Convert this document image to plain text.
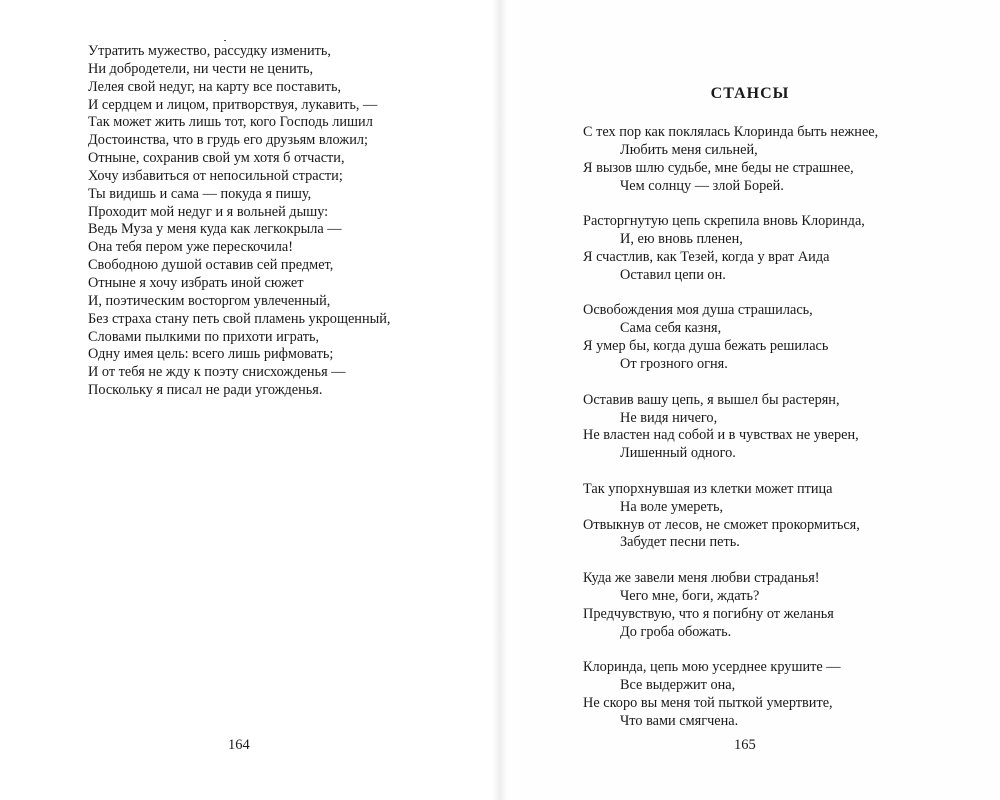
Утратить мужество, рассудку изменить,
Ни добродетели, ни чести не ценить,
Лелея свой недуг, на карту все поставить,
И сердцем и лицом, притворствуя, лукавить, —
Так может жить лишь тот, кого Господь лишил
Достоинства, что в грудь его друзьям вложил;
Отныне, сохранив свой ум хотя б отчасти,
Хочу избавиться от непосильной страсти;
Ты видишь и сама — покуда я пишу,
Проходит мой недуг и я вольней дышу:
Ведь Муза у меня куда как легкокрыла —
Она тебя пером уже перескочила!
Свободною душой оставив сей предмет,
Отныне я хочу избрать иной сюжет
И, поэтическим восторгом увлеченный,
Без страха стану петь свой пламень укрощенный,
Словами пылкими по прихоти играть,
Одну имея цель: всего лишь рифмовать;
И от тебя не жду к поэту снисхожденья —
Поскольку я писал не ради угожденья.
164
СТАНСЫ
С тех пор как поклялась Клоринда быть нежнее,
Любить меня сильней,
Я вызов шлю судьбе, мне беды не страшнее,
Чем солнцу — злой Борей.
Расторгнутую цепь скрепила вновь Клоринда,
И, ею вновь пленен,
Я счастлив, как Тезей, когда у врат Аида
Оставил цепи он.
Освобождения моя душа страшилась,
Сама себя казня,
Я умер бы, когда душа бежать решилась
От грозного огня.
Оставив вашу цепь, я вышел бы растерян,
Не видя ничего,
Не властен над собой и в чувствах не уверен,
Лишенный одного.
Так упорхнувшая из клетки может птица
На воле умереть,
Отвыкнув от лесов, не сможет прокормиться,
Забудет песни петь.
Куда же завели меня любви страданья!
Чего мне, боги, ждать?
Предчувствую, что я погибну от желанья
До гроба обожать.
Клоринда, цепь мою усерднее крушите —
Все выдержит она,
Не скоро вы меня той пыткой умертвите,
Что вами смягчена.
165
